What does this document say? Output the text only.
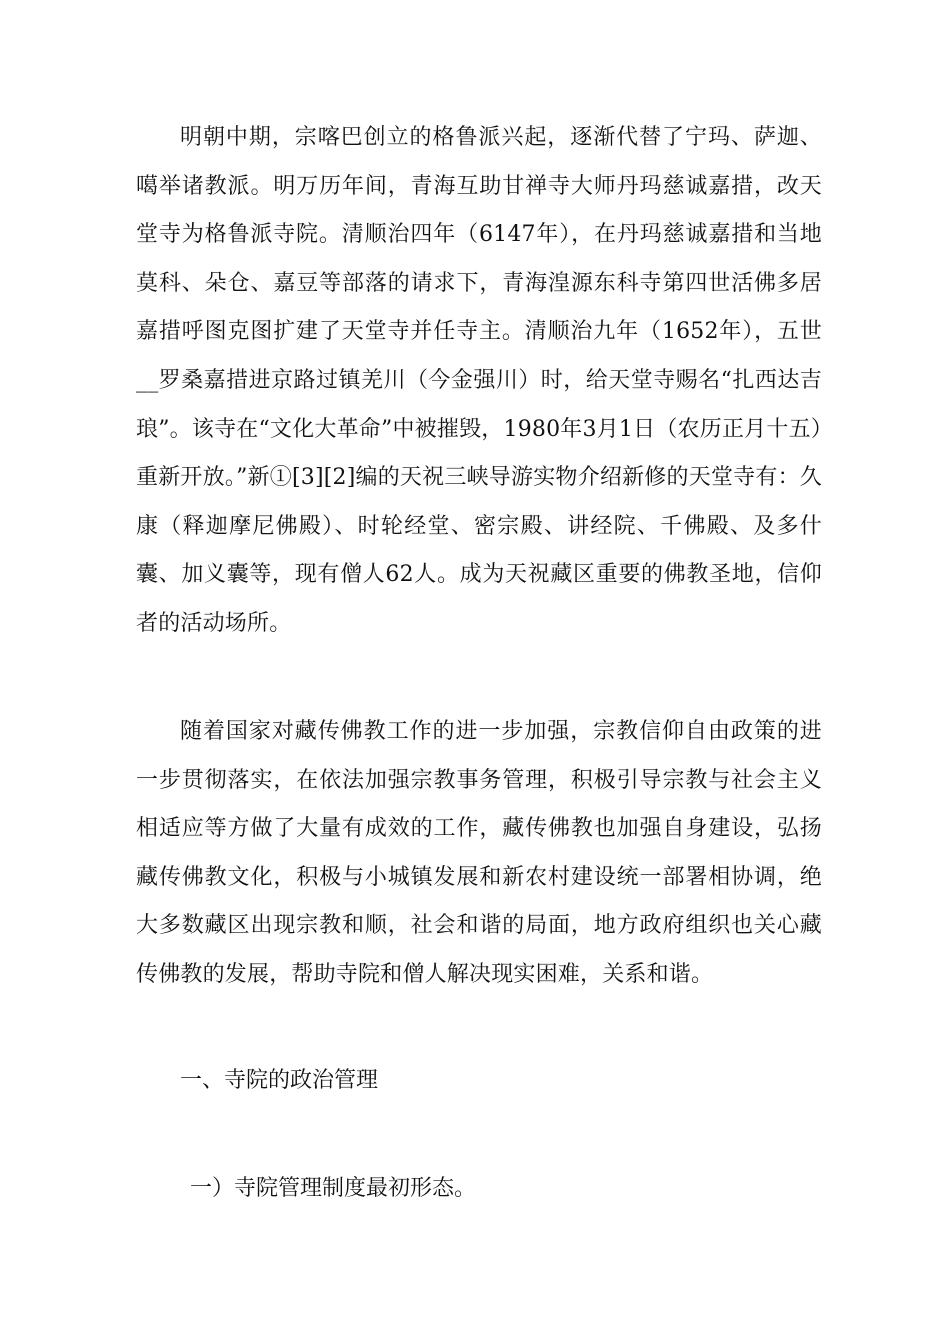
明朝中期，宗喀巴创立的格鲁派兴起，逐渐代替了宁玛、萨迦、噶举诸教派。明万历年间，青海互助甘禅寺大师丹玛慈诚嘉措，改天堂寺为格鲁派寺院。清顺治四年（6147年），在丹玛慈诚嘉措和当地莫科、朵仓、嘉豆等部落的请求下，青海湟源东科寺第四世活佛多居嘉措呼图克图扩建了天堂寺并任寺主。清顺治九年（1652年），五世__罗桑嘉措进京路过镇羌川（今金强川）时，给天堂寺赐名“扎西达吉琅”。该寺在“文化大革命”中被摧毁，1980年3月1日（农历正月十五）重新开放。”新①[3][2]编的天祝三峡导游实物介绍新修的天堂寺有：久康（释迦摩尼佛殿）、时轮经堂、密宗殿、讲经院、千佛殿、及多什囊、加义囊等，现有僧人62人。成为天祝藏区重要的佛教圣地，信仰者的活动场所。

随着国家对藏传佛教工作的进一步加强，宗教信仰自由政策的进一步贯彻落实，在依法加强宗教事务管理，积极引导宗教与社会主义相适应等方做了大量有成效的工作，藏传佛教也加强自身建设，弘扬藏传佛教文化，积极与小城镇发展和新农村建设统一部署相协调，绝大多数藏区出现宗教和顺，社会和谐的局面，地方政府组织也关心藏传佛教的发展，帮助寺院和僧人解决现实困难，关系和谐。

一、寺院的政治管理
一）寺院管理制度最初形态。
